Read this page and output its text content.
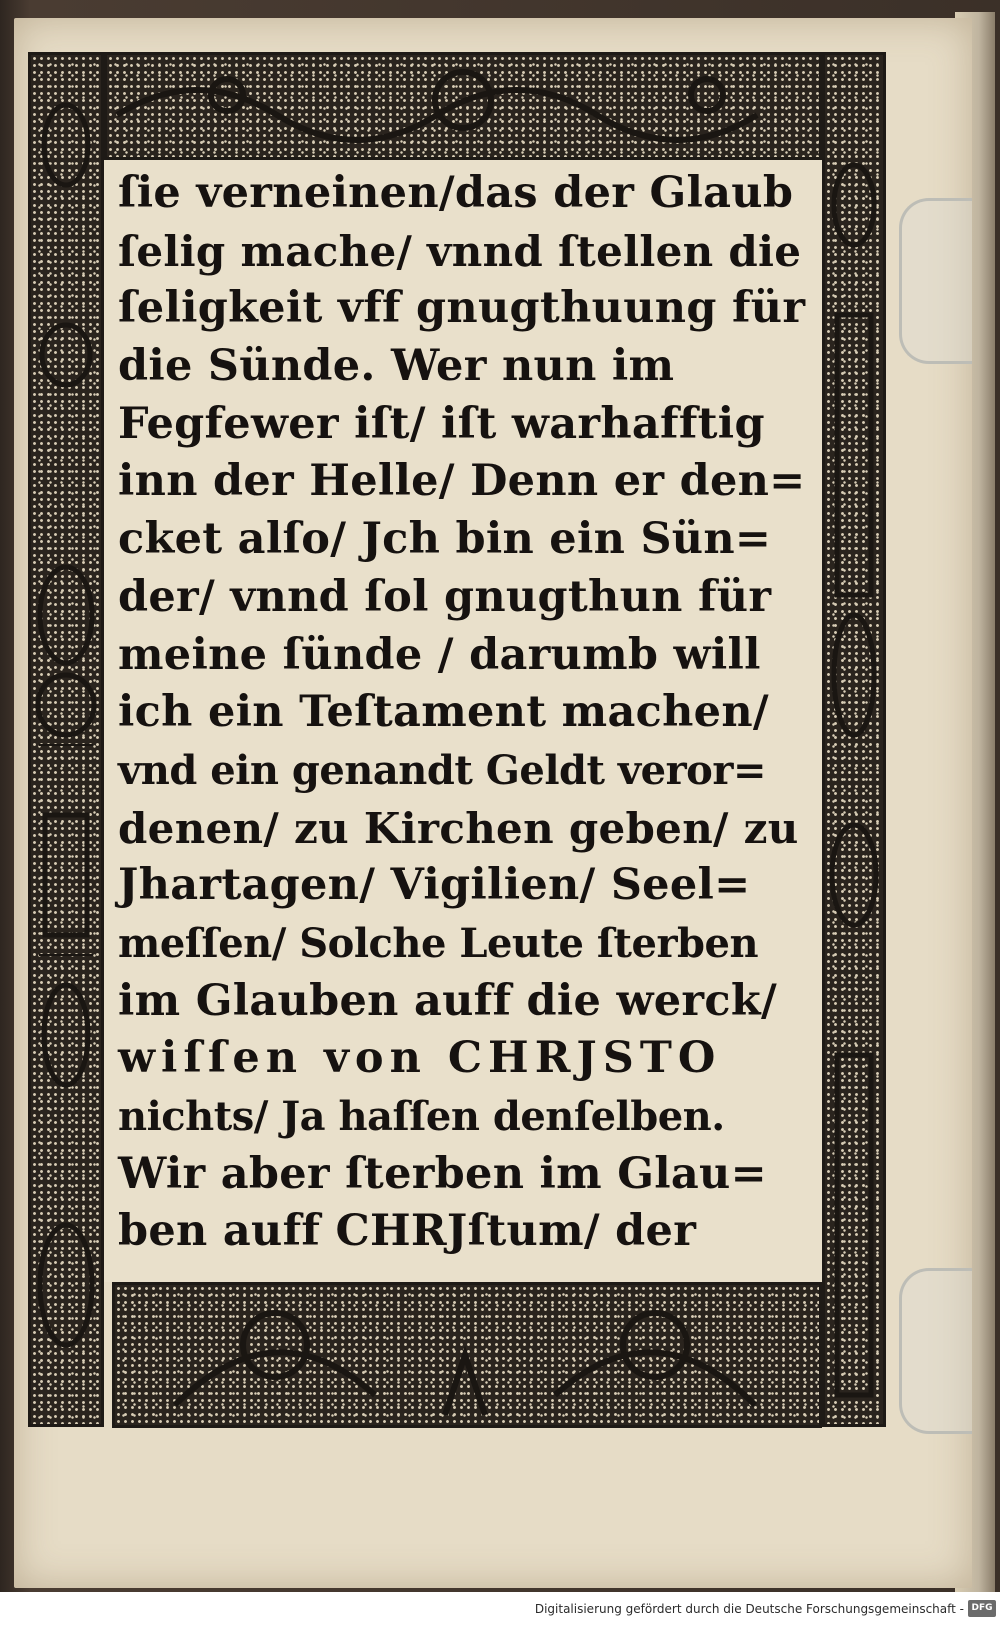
ſie verneinen/das der Glaub
ſelig mache/ vnnd ſtellen die
ſeligkeit vff gnugthuung für
die Sünde. Wer nun im
Fegfewer iſt/ iſt warhafftig
inn der Helle/ Denn er den=
cket alſo/ Jch bin ein Sün=
der/ vnnd ſol gnugthun für
meine ſünde / darumb will
ich ein Teſtament machen/
vnd ein genandt Geldt veror=
denen/ zu Kirchen geben/ zu
Jhartagen/ Vigilien/ Seel=
meſſen/ Solche Leute ſterben
im Glauben auff die werck/
wiſſen von CHRJSTO
nichts/ Ja haſſen denſelben.
Wir aber ſterben im Glau=
ben auff CHRJſtum/ der
Digitalisierung gefördert durch die Deutsche Forschungsgemeinschaft - DFG
